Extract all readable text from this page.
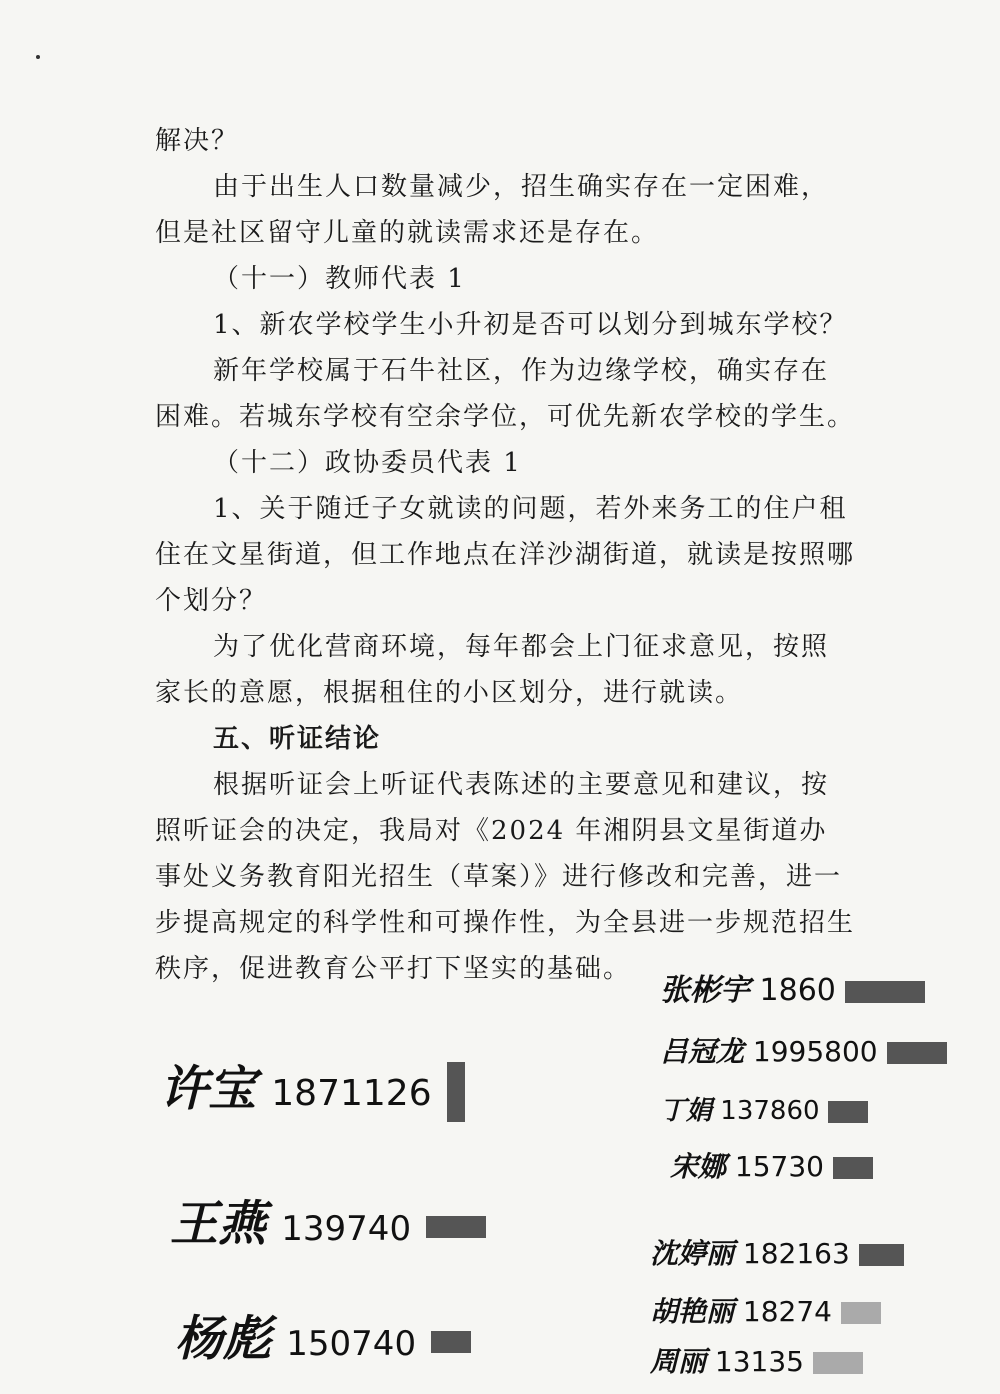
解决？

由于出生人口数量减少，招生确实存在一定困难，但是社区留守儿童的就读需求还是存在。

（十一）教师代表 1

1、新农学校学生小升初是否可以划分到城东学校？

新年学校属于石牛社区，作为边缘学校，确实存在困难。若城东学校有空余学位，可优先新农学校的学生。

（十二）政协委员代表 1

1、关于随迁子女就读的问题，若外来务工的住户租住在文星街道，但工作地点在洋沙湖街道，就读是按照哪个划分？

为了优化营商环境，每年都会上门征求意见，按照家长的意愿，根据租住的小区划分，进行就读。

五、听证结论

根据听证会上听证代表陈述的主要意见和建议，按照听证会的决定，我局对《2024 年湘阴县文星街道办事处义务教育阳光招生（草案）》进行修改和完善，进一步提高规定的科学性和可操作性，为全县进一步规范招生秩序，促进教育公平打下坚实的基础。

张彬宇 1860
吕冠龙 1995800
丁娟 137860
宋娜 15730
沈婷丽 182163
胡艳丽 18274
周丽 13135
许宝 1871126
王燕 139740
杨彪 150740
